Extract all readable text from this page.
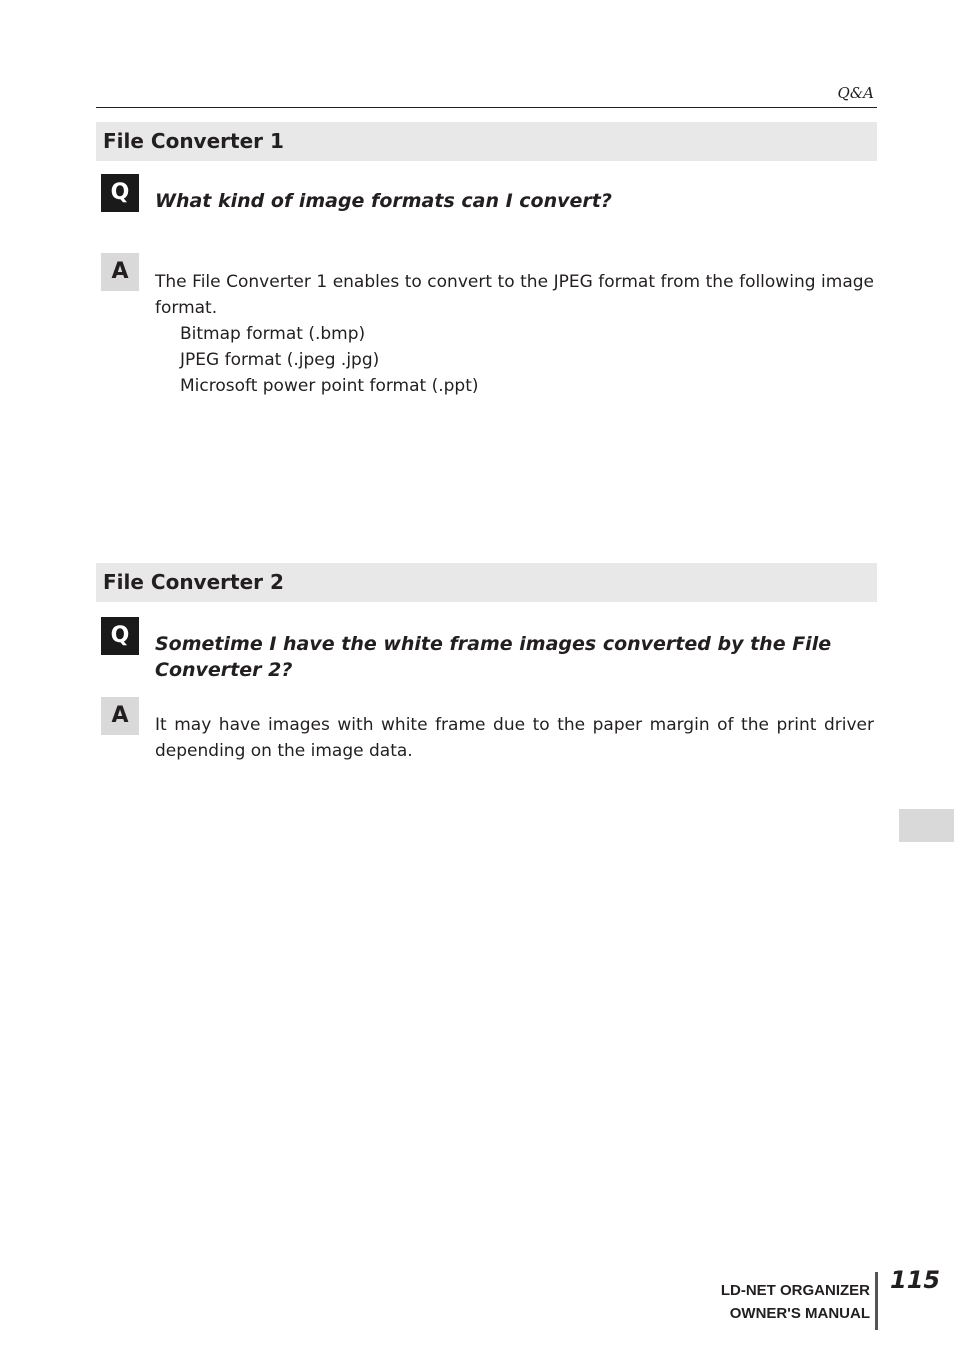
Q&A
File Converter 1
Q	What kind of image formats can I convert?
A	The File Converter 1 enables to convert to the JPEG format from the following image format.

Bitmap format (.bmp)
JPEG format (.jpeg .jpg)
Microsoft power point format (.ppt)
File Converter 2
Q	Sometime I have the white frame images converted by the File Converter 2?
A	It may have images with white frame due to the paper margin of the print driver depending on the image data.
LD-NET ORGANIZER
OWNER'S MANUAL
115
